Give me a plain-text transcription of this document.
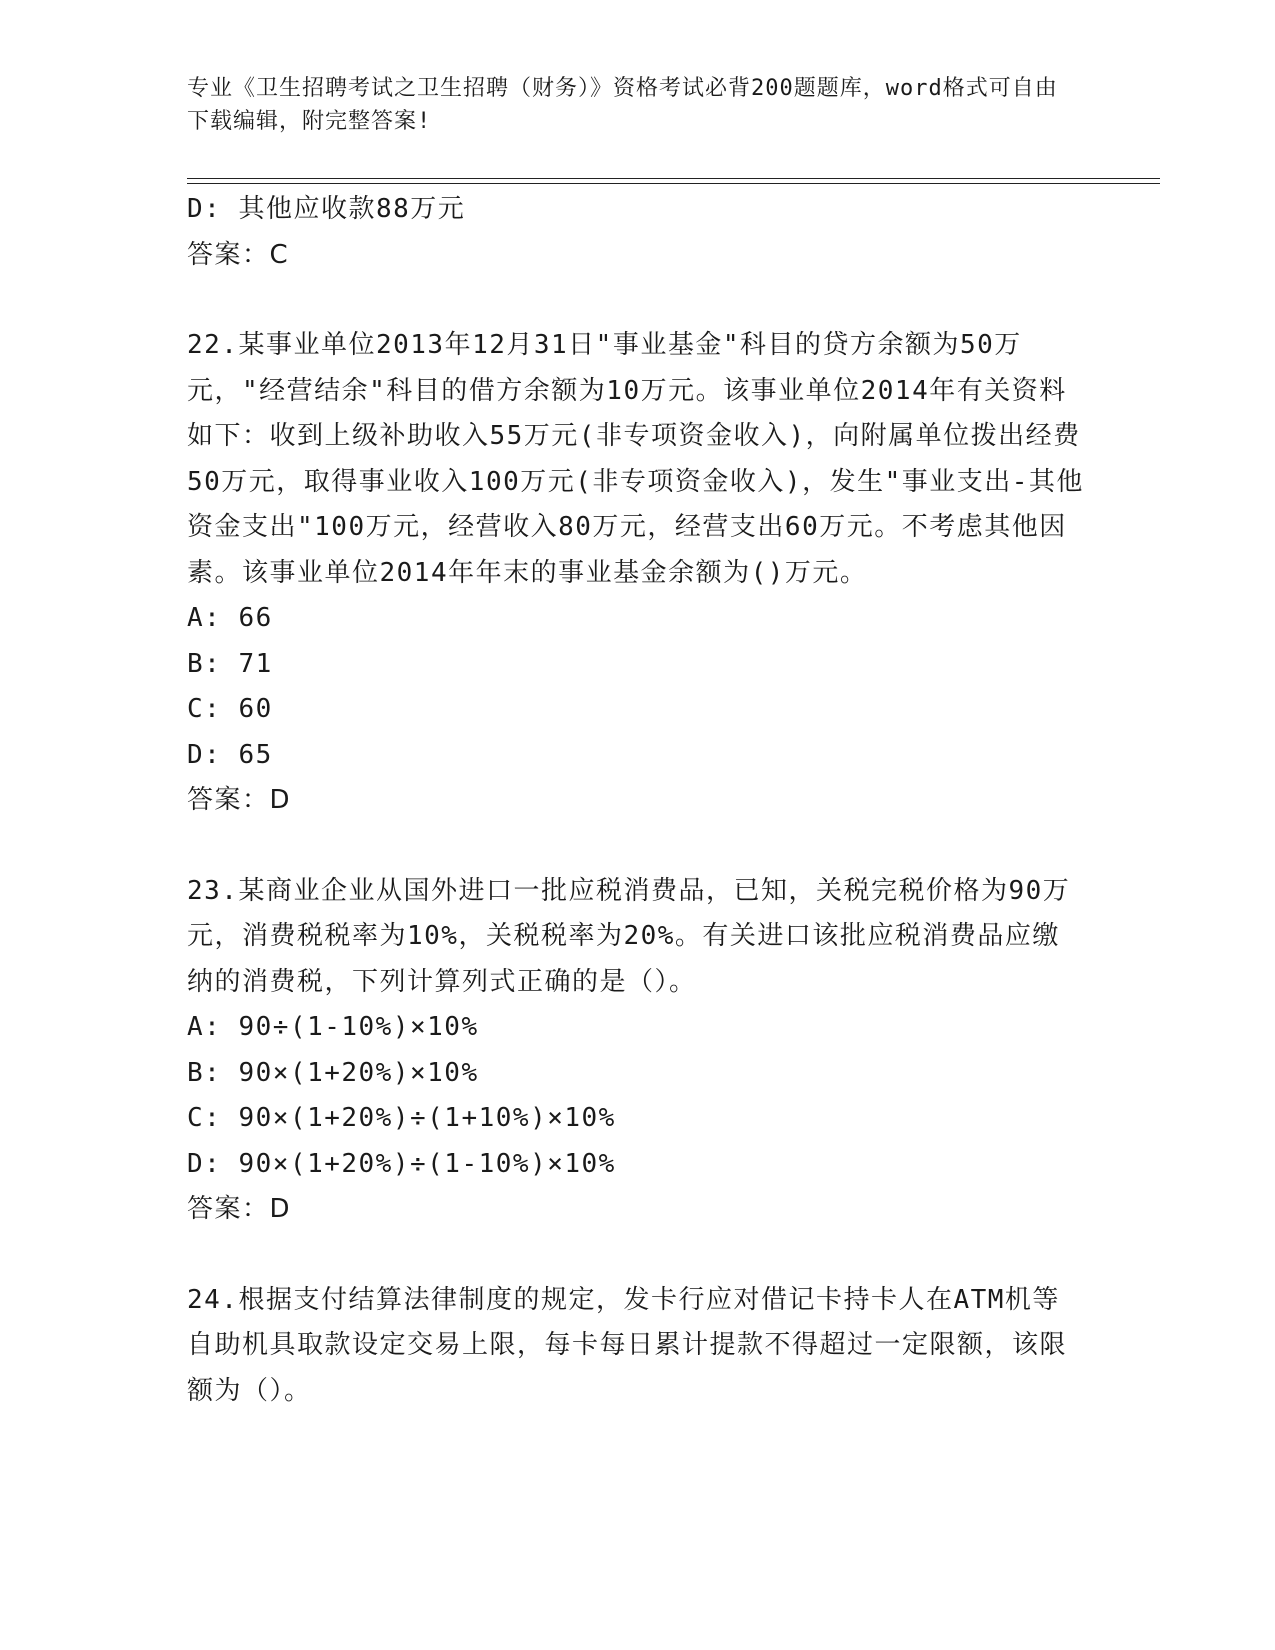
专业《卫生招聘考试之卫生招聘（财务）》资格考试必背200题题库，word格式可自由下载编辑，附完整答案!
D: 其他应收款88万元
答案：C
22.某事业单位2013年12月31日"事业基金"科目的贷方余额为50万元，"经营结余"科目的借方余额为10万元。该事业单位2014年有关资料如下：收到上级补助收入55万元(非专项资金收入)，向附属单位拨出经费50万元，取得事业收入100万元(非专项资金收入)，发生"事业支出-其他资金支出"100万元，经营收入80万元，经营支出60万元。不考虑其他因素。该事业单位2014年年末的事业基金余额为()万元。
A: 66
B: 71
C: 60
D: 65
答案：D
23.某商业企业从国外进口一批应税消费品，已知，关税完税价格为90万元，消费税税率为10%，关税税率为20%。有关进口该批应税消费品应缴纳的消费税，下列计算列式正确的是（）。
A: 90÷(1-10%)×10%
B: 90×(1+20%)×10%
C: 90×(1+20%)÷(1+10%)×10%
D: 90×(1+20%)÷(1-10%)×10%
答案：D
24.根据支付结算法律制度的规定，发卡行应对借记卡持卡人在ATM机等自助机具取款设定交易上限，每卡每日累计提款不得超过一定限额，该限额为（）。
